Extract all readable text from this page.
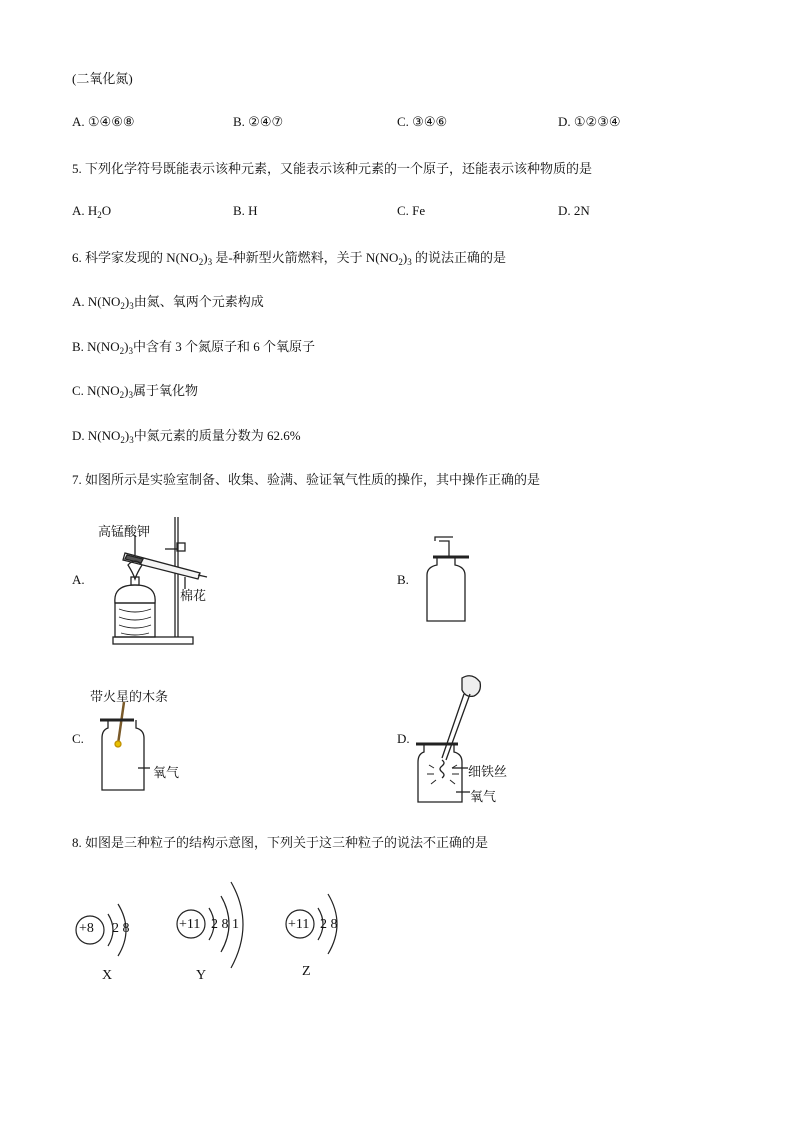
(二氧化氮)
A. ①④⑥⑧	B. ②④⑦	C. ③④⑥	D. ①②③④
5. 下列化学符号既能表示该种元素，又能表示该种元素的一个原子，还能表示该种物质的是
A. $H_2O$	B. H	C. Fe	D. 2N
6. 科学家发现的 $N(NO_2)_3$ 是-种新型火箭燃料，关于 $N(NO_2)_3$ 的说法正确的是
A. $N(NO_2)_3$由氮、氧两个元素构成
B. $N(NO_2)_3$中含有 3 个氮原子和 6 个氧原子
C. $N(NO_2)_3$属于氧化物
D. $N(NO_2)_3$中氮元素的质量分数为 62.6%
7. 如图所示是实验室制备、收集、验满、验证氧气性质的操作，其中操作正确的是
A.	B.
C.	D.
高锰酸钾
棉花
带火星的木条
氧气	细铁丝
氧气
8. 如图是三种粒子的结构示意图，下列关于这三种粒子的说法不正确的是
+8 2 8
X
+11 2 8 1
Y
+11 2 8
Z
